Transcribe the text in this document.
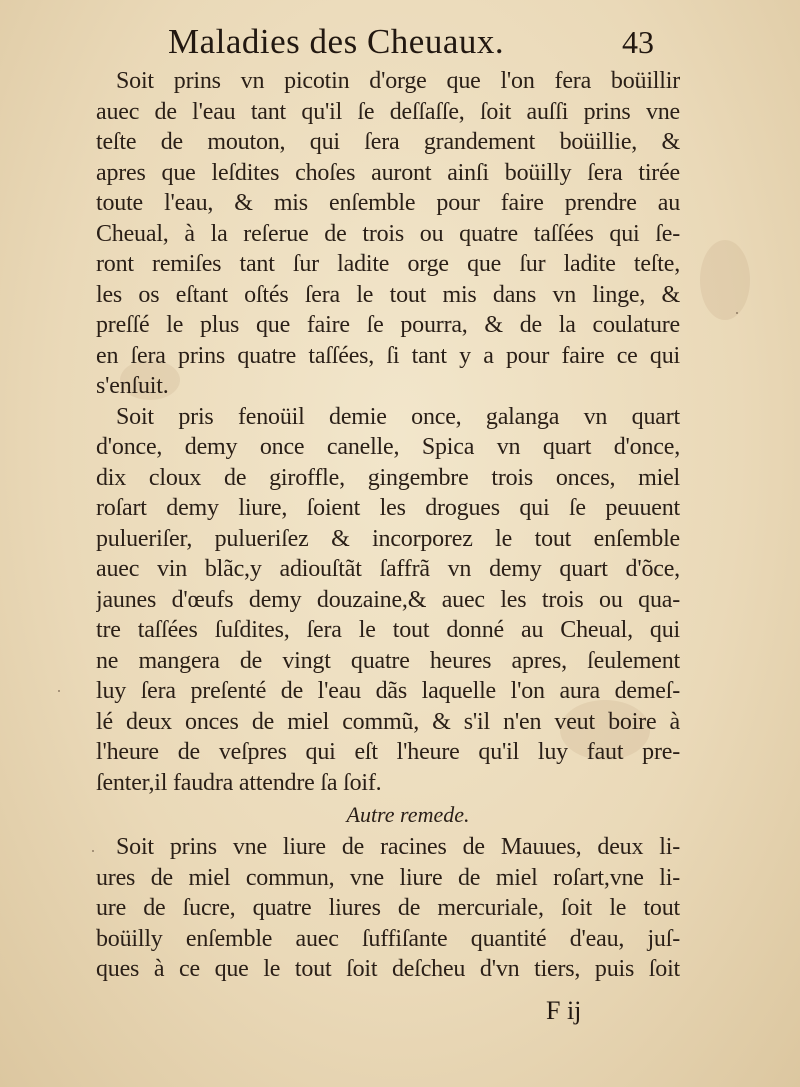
Maladies des Cheuaux.	43
Soit prins vn picotin d'orge que l'on fera boüillir
auec de l'eau tant qu'il ſe deſſaſſe, ſoit auſſi prins vne
teſte de mouton, qui ſera grandement boüillie, &
apres que leſdites choſes auront ainſi boüilly ſera tirée
toute l'eau, & mis enſemble pour faire prendre au
Cheual, à la reſerue de trois ou quatre taſſées qui ſe-
ront remiſes tant ſur ladite orge que ſur ladite teſte,
les os eſtant oſtés ſera le tout mis dans vn linge, &
preſſé le plus que faire ſe pourra, & de la coulature
en ſera prins quatre taſſées, ſi tant y a pour faire ce qui
s'enſuit.
Soit pris fenoüil demie once, galanga vn quart
d'once, demy once canelle, Spica vn quart d'once,
dix cloux de giroffle, gingembre trois onces, miel
roſart demy liure, ſoient les drogues qui ſe peuuent
pulueriſer, pulueriſez & incorporez le tout enſemble
auec vin blãc,y adiouſtãt ſaffrã vn demy quart d'õce,
jaunes d'œufs demy douzaine,& auec les trois ou qua-
tre taſſées ſuſdites, ſera le tout donné au Cheual, qui
ne mangera de vingt quatre heures apres, ſeulement
luy ſera preſenté de l'eau dãs laquelle l'on aura demeſ-
lé deux onces de miel commũ, & s'il n'en veut boire à
l'heure de veſpres qui eſt l'heure qu'il luy faut pre-
ſenter,il faudra attendre ſa ſoif.
Autre remede.
Soit prins vne liure de racines de Mauues, deux li-
ures de miel commun, vne liure de miel roſart,vne li-
ure de ſucre, quatre liures de mercuriale, ſoit le tout
boüilly enſemble auec ſuffiſante quantité d'eau, juſ-
ques à ce que le tout ſoit deſcheu d'vn tiers, puis ſoit
F ij
